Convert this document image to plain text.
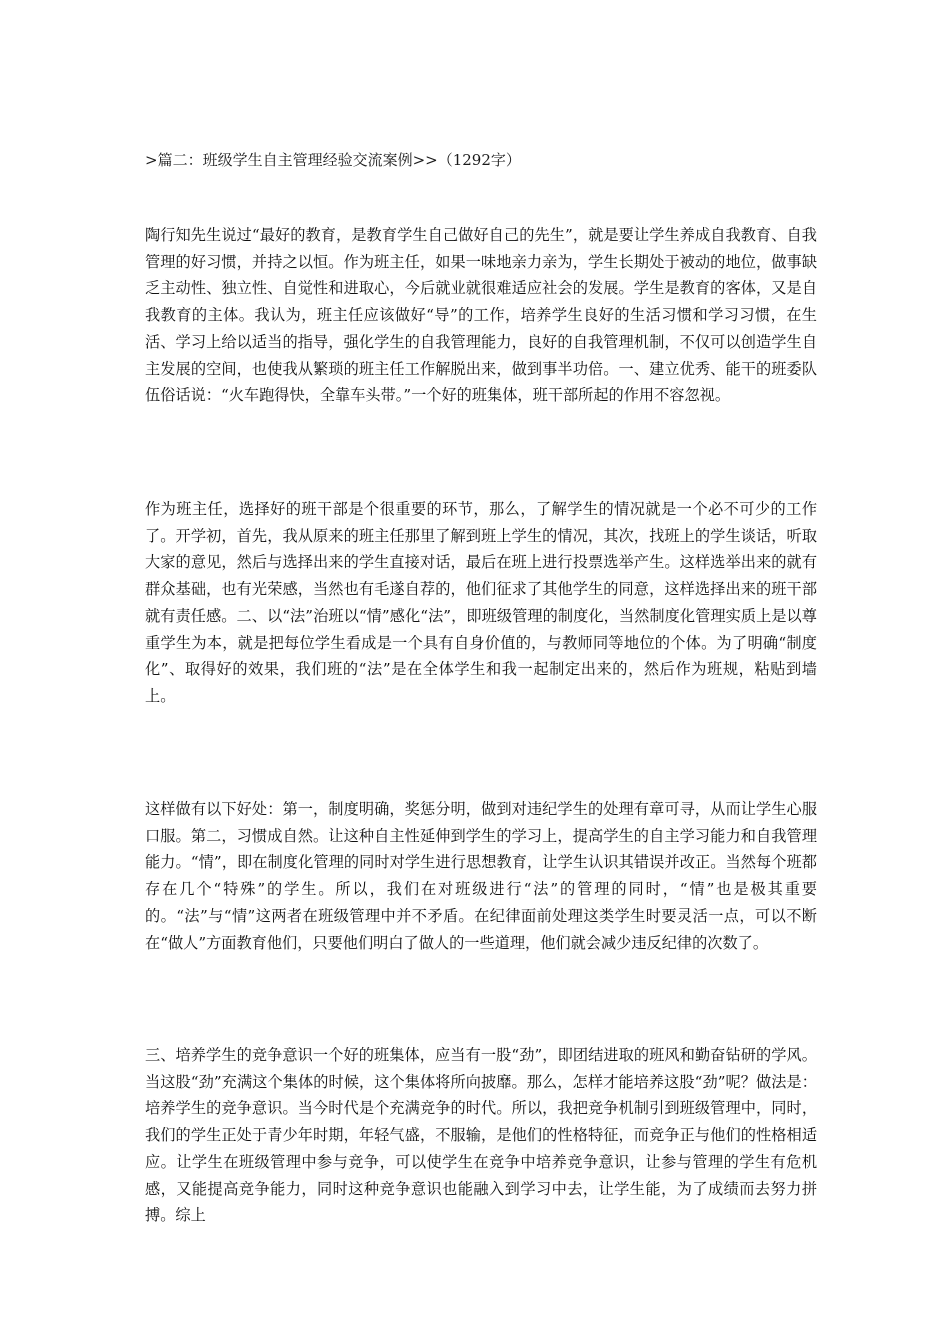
>篇二：班级学生自主管理经验交流案例>>（1292字）

陶行知先生说过“最好的教育，是教育学生自己做好自己的先生”，就是要让学生养成自我教育、自我管理的好习惯，并持之以恒。作为班主任，如果一味地亲力亲为，学生长期处于被动的地位，做事缺乏主动性、独立性、自觉性和进取心，今后就业就很难适应社会的发展。学生是教育的客体，又是自我教育的主体。我认为，班主任应该做好“导”的工作，培养学生良好的生活习惯和学习习惯，在生活、学习上给以适当的指导，强化学生的自我管理能力，良好的自我管理机制，不仅可以创造学生自主发展的空间，也使我从繁琐的班主任工作解脱出来，做到事半功倍。一、建立优秀、能干的班委队伍俗话说：“火车跑得快，全靠车头带。”一个好的班集体，班干部所起的作用不容忽视。

作为班主任，选择好的班干部是个很重要的环节，那么，了解学生的情况就是一个必不可少的工作了。开学初，首先，我从原来的班主任那里了解到班上学生的情况，其次，找班上的学生谈话，听取大家的意见，然后与选择出来的学生直接对话，最后在班上进行投票选举产生。这样选举出来的就有群众基础，也有光荣感，当然也有毛遂自荐的，他们征求了其他学生的同意，这样选择出来的班干部就有责任感。二、以“法”治班以“情”感化“法”，即班级管理的制度化，当然制度化管理实质上是以尊重学生为本，就是把每位学生看成是一个具有自身价值的，与教师同等地位的个体。为了明确“制度化”、取得好的效果，我们班的“法”是在全体学生和我一起制定出来的，然后作为班规，粘贴到墙上。

这样做有以下好处：第一，制度明确，奖惩分明，做到对违纪学生的处理有章可寻，从而让学生心服口服。第二，习惯成自然。让这种自主性延伸到学生的学习上，提高学生的自主学习能力和自我管理能力。“情”，即在制度化管理的同时对学生进行思想教育，让学生认识其错误并改正。当然每个班都存在几个“特殊”的学生。所以，我们在对班级进行“法”的管理的同时，“情”也是极其重要的。“法”与“情”这两者在班级管理中并不矛盾。在纪律面前处理这类学生时要灵活一点，可以不断在“做人”方面教育他们，只要他们明白了做人的一些道理，他们就会减少违反纪律的次数了。

三、培养学生的竞争意识一个好的班集体，应当有一股“劲”，即团结进取的班风和勤奋钻研的学风。当这股“劲”充满这个集体的时候，这个集体将所向披靡。那么，怎样才能培养这股“劲”呢？做法是：培养学生的竞争意识。当今时代是个充满竞争的时代。所以，我把竞争机制引到班级管理中，同时，我们的学生正处于青少年时期，年轻气盛，不服输，是他们的性格特征，而竞争正与他们的性格相适应。让学生在班级管理中参与竞争，可以使学生在竞争中培养竞争意识，让参与管理的学生有危机感，又能提高竞争能力，同时这种竞争意识也能融入到学习中去，让学生能，为了成绩而去努力拼搏。综上
